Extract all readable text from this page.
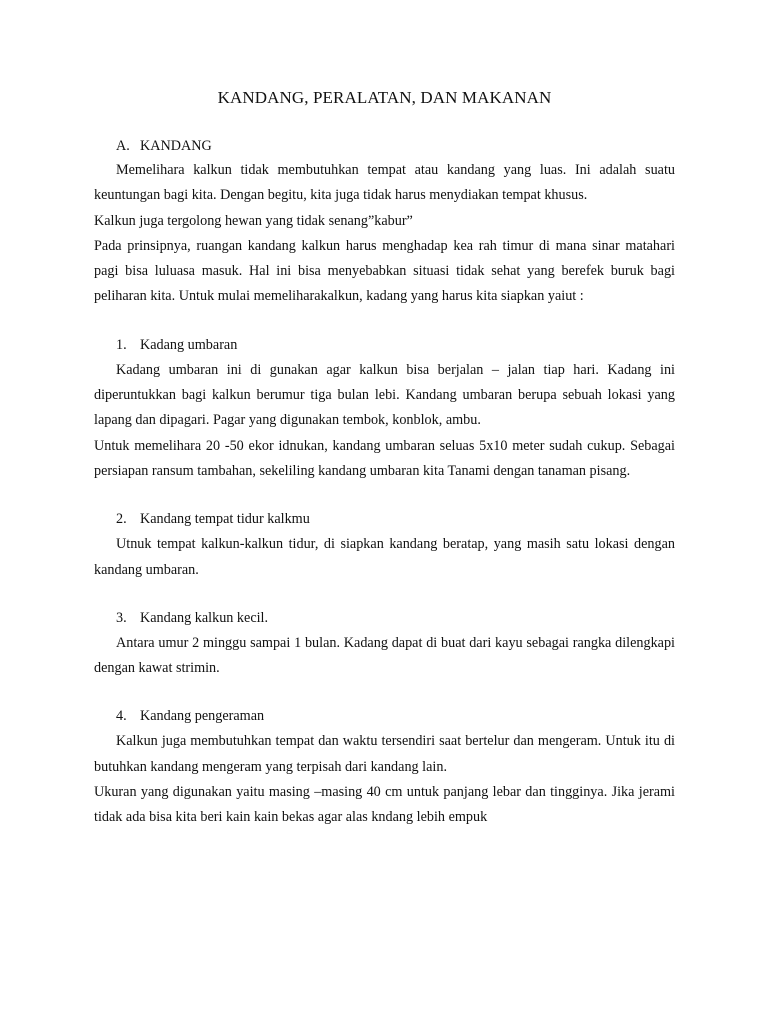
KANDANG, PERALATAN, DAN MAKANAN
A. KANDANG

Memelihara kalkun tidak membutuhkan tempat atau kandang yang luas. Ini adalah suatu keuntungan bagi kita. Dengan begitu, kita juga tidak harus menydiakan tempat khusus.

Kalkun juga tergolong hewan yang tidak senang”kabur”

Pada prinsipnya, ruangan kandang kalkun harus menghadap kea rah timur di mana sinar matahari pagi bisa luluasa masuk. Hal ini bisa menyebabkan situasi tidak sehat yang berefek buruk bagi peliharan kita. Untuk mulai memeliharakalkun, kadang yang harus kita siapkan yaiut :

1. Kadang umbaran

Kadang umbaran ini di gunakan agar kalkun bisa berjalan – jalan tiap hari. Kadang ini diperuntukkan bagi kalkun berumur tiga bulan lebi. Kandang umbaran berupa sebuah lokasi yang lapang dan dipagari. Pagar yang digunakan tembok, konblok, ambu.

Untuk memelihara 20 -50 ekor idnukan, kandang umbaran seluas 5x10 meter sudah cukup. Sebagai persiapan ransum tambahan, sekeliling kandang umbaran kita Tanami dengan tanaman pisang.

2. Kandang tempat tidur kalkmu

Utnuk tempat kalkun-kalkun tidur, di siapkan kandang beratap, yang masih satu lokasi dengan kandang umbaran.

3. Kandang kalkun kecil.

Antara umur 2 minggu sampai 1 bulan. Kadang dapat di buat dari kayu sebagai rangka dilengkapi dengan kawat strimin.

4. Kandang pengeraman

Kalkun juga membutuhkan tempat dan waktu tersendiri saat bertelur dan mengeram. Untuk itu di butuhkan kandang mengeram yang terpisah dari kandang lain.

Ukuran yang digunakan yaitu masing –masing 40 cm untuk panjang lebar dan tingginya. Jika jerami tidak ada bisa kita beri kain kain bekas agar alas kndang lebih empuk
